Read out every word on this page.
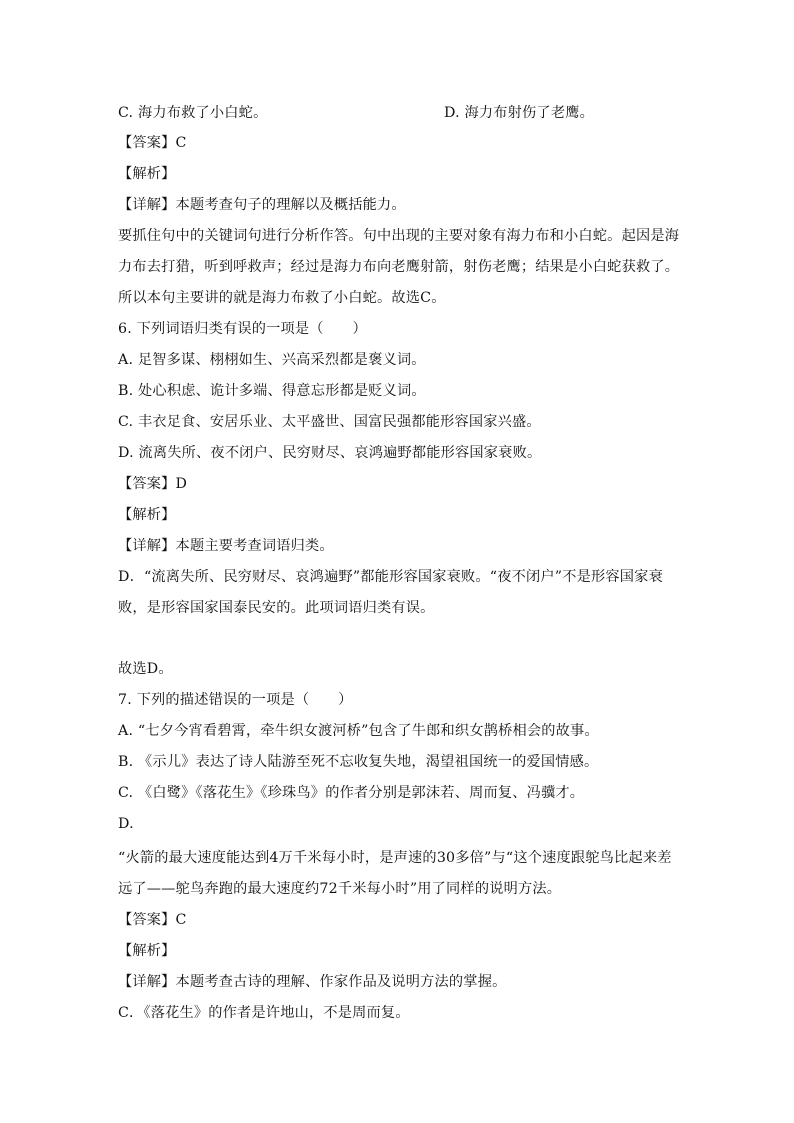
C. 海力布救了小白蛇。	D. 海力布射伤了老鹰。
【答案】C
【解析】
【详解】本题考查句子的理解以及概括能力。
要抓住句中的关键词句进行分析作答。句中出现的主要对象有海力布和小白蛇。起因是海
力布去打猎，听到呼救声；经过是海力布向老鹰射箭，射伤老鹰；结果是小白蛇获救了。
所以本句主要讲的就是海力布救了小白蛇。故选C。
6. 下列词语归类有误的一项是（　　）
A. 足智多谋、栩栩如生、兴高采烈都是褒义词。
B. 处心积虑、诡计多端、得意忘形都是贬义词。
C. 丰衣足食、安居乐业、太平盛世、国富民强都能形容国家兴盛。
D. 流离失所、夜不闭户、民穷财尽、哀鸿遍野都能形容国家衰败。
【答案】D
【解析】
【详解】本题主要考查词语归类。
D．“流离失所、民穷财尽、哀鸿遍野”都能形容国家衰败。“夜不闭户”不是形容国家衰
败，是形容国家国泰民安的。此项词语归类有误。
故选D。
7. 下列的描述错误的一项是（　　）
A. “七夕今宵看碧霄，牵牛织女渡河桥”包含了牛郎和织女鹊桥相会的故事。
B. 《示儿》表达了诗人陆游至死不忘收复失地，渴望祖国统一的爱国情感。
C. 《白鹭》《落花生》《珍珠鸟》的作者分别是郭沫若、周而复、冯骥才。
D.
“火箭的最大速度能达到4万千米每小时，是声速的30多倍”与“这个速度跟鸵鸟比起来差
远了——鸵鸟奔跑的最大速度约72千米每小时”用了同样的说明方法。
【答案】C
【解析】
【详解】本题考查古诗的理解、作家作品及说明方法的掌握。
C．《落花生》的作者是许地山，不是周而复。
